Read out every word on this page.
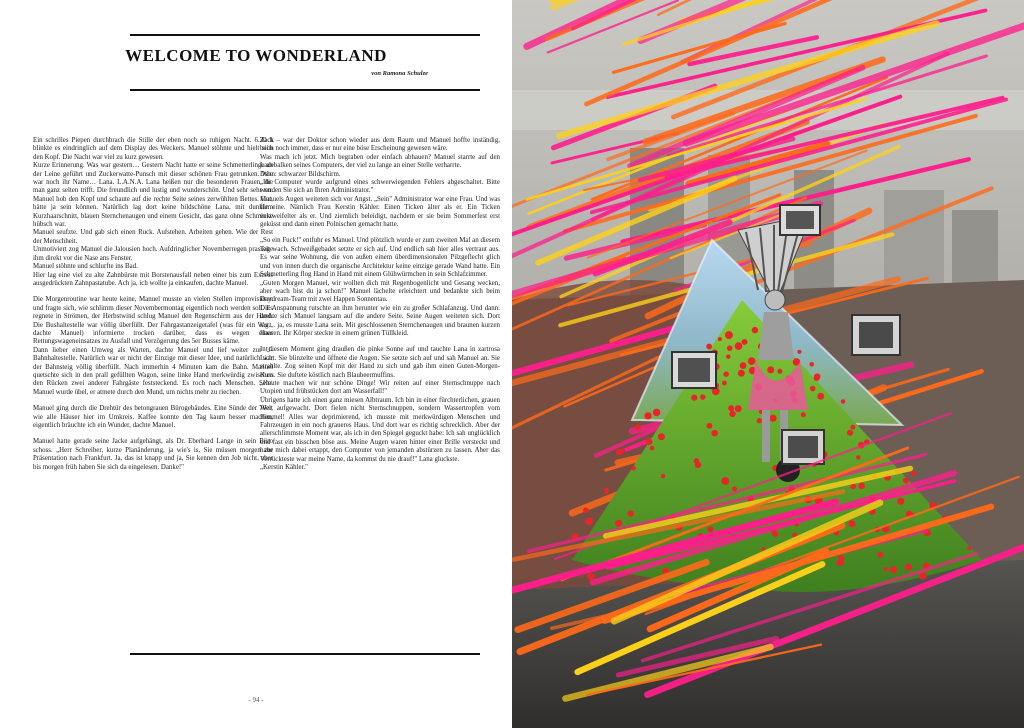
WELCOME TO WONDERLAND
von Ramona Schulze

Ein schrilles Piepen durchbrach die Stille der eben noch so ruhigen Nacht. 6.30 h blinkte es eindringlich auf dem Display des Weckers. Manuel stöhnte und hielt sich den Kopf. Die Nacht war viel zu kurz gewesen.

Kurze Erinnerung. Was war gestern… Gestern Nacht hatte er seine Schmetterlinge an der Leine geführt und Zuckerwatte-Punsch mit dieser schönen Frau getrunken. Wie war noch ihr Name… Lana. L.A.N.A. Lana heißen nur die besonderen Frauen, die man ganz selten trifft. Die freundlich und lustig und wunderschön. Und sehr sehr rar. Manuel hob den Kopf und schaute auf die rechte Seite seines zerwühlten Bettes. Gut, hätte ja sein können. Natürlich lag dort keine bildschöne Lana, mit dunklem Kurzhaarschnitt, blauen Sternchenaugen und einem Gesicht, das ganz ohne Schminke hübsch war.

Manuel seufzte. Und gab sich einen Ruck. Aufstehen. Arbeiten gehen. Wie der Rest der Menschheit.

Unmotiviert zog Manuel die Jalousien hoch. Aufdringlicher Novemberregen prasselte ihm direkt vor die Nase ans Fenster.

Manuel stöhnte und schlurfte ins Bad.

Hier lag eine viel zu alte Zahnbürste mit Borstenausfall neben einer bis zum Exzess ausgedrückten Zahnpastatube. Ach ja, ich wollte ja einkaufen, dachte Manuel.

Die Morgenroutine war heute keine, Manuel musste an vielen Stellen improvisieren und fragte sich, wie schlimm dieser Novembermontag eigentlich noch werden soll. Es regnete in Strömen, der Herbstwind schlug Manuel den Regenschirm aus der Hand. Die Bushaltestelle war völlig überfüllt. Der Fahrgastanzeigetafel (was für ein Wort, dachte Manuel) informierte trocken darüber, dass es wegen eines Rettungswageneinsatzes zu Ausfall und Verzögerung des 5er Busses käme.

Dann lieber einen Umweg als Warten, dachte Manuel und lief weiter zur U-Bahnhaltestelle. Natürlich war er nicht der Einzige mit dieser Idee, und natürlich war der Bahnsteig völlig überfüllt. Nach immerhin 4 Minuten kam die Bahn. Manuel quetschte sich in den prall gefüllten Wagon, seine linke Hand merkwürdig zwischen den Rücken zwei anderer Fahrgäste feststeckend. Es roch nach Menschen. Sehr. Manuel wurde übel, er atmete durch den Mund, um nichts mehr zu riechen.

Manuel ging durch die Drehtür des betongrauen Bürogebäudes. Eine Sünde der 70er, wie alle Häuser hier im Umkreis. Kaffee konnte den Tag kaum besser machen, eigentlich bräuchte ich ein Wunder, dachte Manuel.

Manuel hatte gerade seine Jacke aufgehängt, als Dr. Eberhard Lange in sein Büro schoss. „Herr Schreiber, kurze Planänderung, ja wie's is, Sie müssen morgen zur Präsentation nach Frankfurt. Ja, das ist knapp und ja, Sie kennen den Job nicht, aber bis morgen früh haben Sie sich da eingelesen. Danke!"

Zack – war der Doktor schon wieder aus dem Raum und Manuel hoffte inständig, beim noch immer, dass er nur eine böse Erscheinung gewesen wäre.

Was mach ich jetzt. Mich begraben oder einfach abhauen? Manuel starrte auf den Ladebalken seines Computers, der viel zu lange an einer Stelle verharrte.

Dann: schwarzer Bildschirm.

„Ihr Computer wurde aufgrund eines schwerwiegenden Fehlers abgeschaltet. Bitte wenden Sie sich an Ihren Administrator."

Manuels Augen weiteten sich vor Angst. „Sein" Administrator war eine Frau. Und was für eine. Nämlich Frau Kerstin Kähler. Einen Ticken älter als er. Ein Ticken verzweifelter als er. Und ziemlich beleidigt, nachdem er sie beim Sommerfest erst geküsst und dann einen Polnischen gemacht hatte.

„So ein Fuck!" entfuhr es Manuel. Und plötzlich wurde er zum zweiten Mal an diesem Tag wach. Schweißgebadet setzte er sich auf. Und endlich sah hier alles vertraut aus. Es war seine Wohnung, die von außen einem überdimensionalen Pilzgeflecht glich und von innen durch die organische Architektur keine einzige gerade Wand hatte. Ein Schmetterling flog Hand in Hand mit einem Glühwürmchen in sein Schlafzimmer.

„Guten Morgen Manuel, wir wollten dich mit Regenbogenlicht und Gesang wecken, aber wach bist du ja schon!" Manuel lächelte erleichtert und bedankte sich beim Daydream-Team mit zwei Happen Sonnentau.

Die Anspannung rutschte an ihm herunter wie ein zu großer Schlafanzug. Und dann: drehte sich Manuel langsam auf die andere Seite. Seine Augen weiteten sich. Dort lag… ja, es musste Lana sein. Mit geschlossenen Sternchenaugen und braunen kurzen Haaren. Ihr Körper steckte in einem grünen Tüllkleid.

In diesem Moment ging draußen die pinke Sonne auf und tauchte Lana in zartrosa Licht. Sie blinzelte und öffnete die Augen. Sie setzte sich auf und sah Manuel an. Sie strahlte. Zog seinen Kopf mit der Hand zu sich und gab ihm einen Guten-Morgen-Kuss. Sie duftete köstlich nach Blaubeermuffins.

„Heute machen wir nur schöne Dinge! Wir reiten auf einer Sternschnuppe nach Utopien und frühstücken dort am Wasserfall!"

Übrigens hatte ich einen ganz miesen Albtraum. Ich bin in einer fürchterlichen, grauen Welt aufgewacht. Dort fielen nicht Sternschnuppen, sondern Wassertropfen vom Himmel! Alles war deprimierend, ich musste mit merkwürdigen Menschen und Fahrzeugen in ein noch graueres Haus. Und dort war es richtig schrecklich. Aber der allerschlimmste Moment war, als ich in den Spiegel geguckt habe: Ich sah unglücklich und fast ein bisschen böse aus. Meine Augen waren hinter einer Brille versteckt und habe mich dabei ertappt, den Computer von jemanden abstürzen zu lassen. Aber das Verrückteste war meine Name, da kommst du nie drauf!" Lana gluckste.

„Kerstin Kähler."

- 94 -
